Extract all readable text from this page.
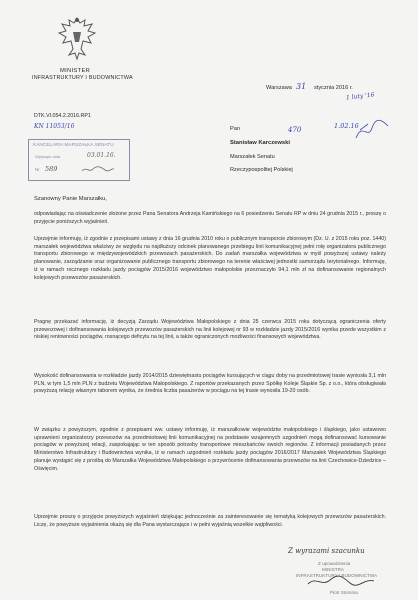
MINISTER
INFRASTRUKTURY I BUDOWNICTWA
DTK.VI.054.2.2016.RP1
KN 11053/16
KANCELARIA MARSZAŁKA SENATU
Wpłynęło dnia	03.01.16.
Nr 589
Warszawa 31 stycznia 2016 r.
1 luty '16
1.02.16
470
Pan
Stanisław Karczewski
Marszałek Senatu
Rzeczypospolitej Polskiej
Szanowny Panie Marszałku,
odpowiadając na oświadczenie złożone przez Pana Senatora Andrzeja Kamińskiego na 6 posiedzeniu Senatu RP w dniu 24 grudnia 2015 r., proszę o przyjęcie poniższych wyjaśnień.
Uprzejmie informuję, iż zgodnie z przepisami ustawy z dnia 16 grudnia 2010 roku o publicznym transporcie zbiorowym (Dz. U. z 2015 roku poz. 1440) marszałek województwa właściwy ze względu na najdłuższy odcinek planowanego przebiegu linii komunikacyjnej pełni rolę organizatora publicznego transportu zbiorowego w międzywojewódzkich przewozach pasażerskich. Do zadań marszałka województwa w myśl powyższej ustawy należy planowanie, zarządzanie oraz organizowanie publicznego transportu zbiorowego na terenie właściwej jednostki samorządu terytorialnego. Informuję, iż w ramach rocznego rozkładu jazdy pociągów 2015/2016 województwo małopolskie przeznaczyło 94,1 mln zł na dofinansowanie regionalnych kolejowych przewozów pasażerskich.
Pragnę przekazać informację, iż decyzją Zarządu Województwa Małopolskiego z dnia 25 czerwca 2015 roku dotyczącą ograniczenia oferty przewozowej i dofinansowania kolejowych przewozów pasażerskich na linii kolejowej nr 93 w rozkładzie jazdy 2015/2016 wynika przede wszystkim z niskiej rentowności pociągów, rosnącego deficytu na tej linii, a także ograniczonych możliwości finansowych województwa.
Wysokość dofinansowania w rozkładzie jazdy 2014/2015 dziewiętnastu pociągów kursujących w ciągu doby na przedmiotowej trasie wyniosła 3,1 mln PLN, w tym 1,5 mln PLN z budżetu Województwa Małopolskiego. Z raportów przekazanych przez Spółkę Koleje Śląskie Sp. z o.o., która obsługiwała powyższą relację własnym taborem wynika, że średnia liczba pasażerów w pociągu na tej trasie wynosiła 19-20 osób.
W związku z powyższym, zgodnie z przepisami ww. ustawy informuję, iż marszałkowie województw małopolskiego i śląskiego, jako ustawowo uprawnieni organizatorzy przewozów na przedmiotowej linii komunikacyjnej na podstawie wzajemnych uzgodnień mogą dofinansować kursowanie pociągów w powyższej relacji, zaspokajając w ten sposób potrzeby transportowe mieszkańców swoich regionów. Z informacji posiadanych przez Ministerstwo Infrastruktury i Budownictwa wynika, iż w ramach uzgodnień rozkładu jazdy pociągów 2016/2017 Marszałek Województwa Śląskiego planuje wystąpić się z prośbą do Marszałka Województwa Małopolskiego o przywrócenie dofinansowania przewozów na linii Czechowice-Dziedzice – Oświęcim.
Uprzejmie proszę o przyjęcie powyższych wyjaśnień dziękując jednocześnie za zainteresowanie się tematyką kolejowych przewozów pasażerskich. Liczę, że powyższe wyjaśnienia okażą się dla Pana wystarczające i w pełni wyjaśnią wszelkie wątpliwości.
Z wyrazami szacunku
Z upoważnienia
MINISTRA
INFRASTRUKTURY I BUDOWNICTWA
Piotr Stomma
